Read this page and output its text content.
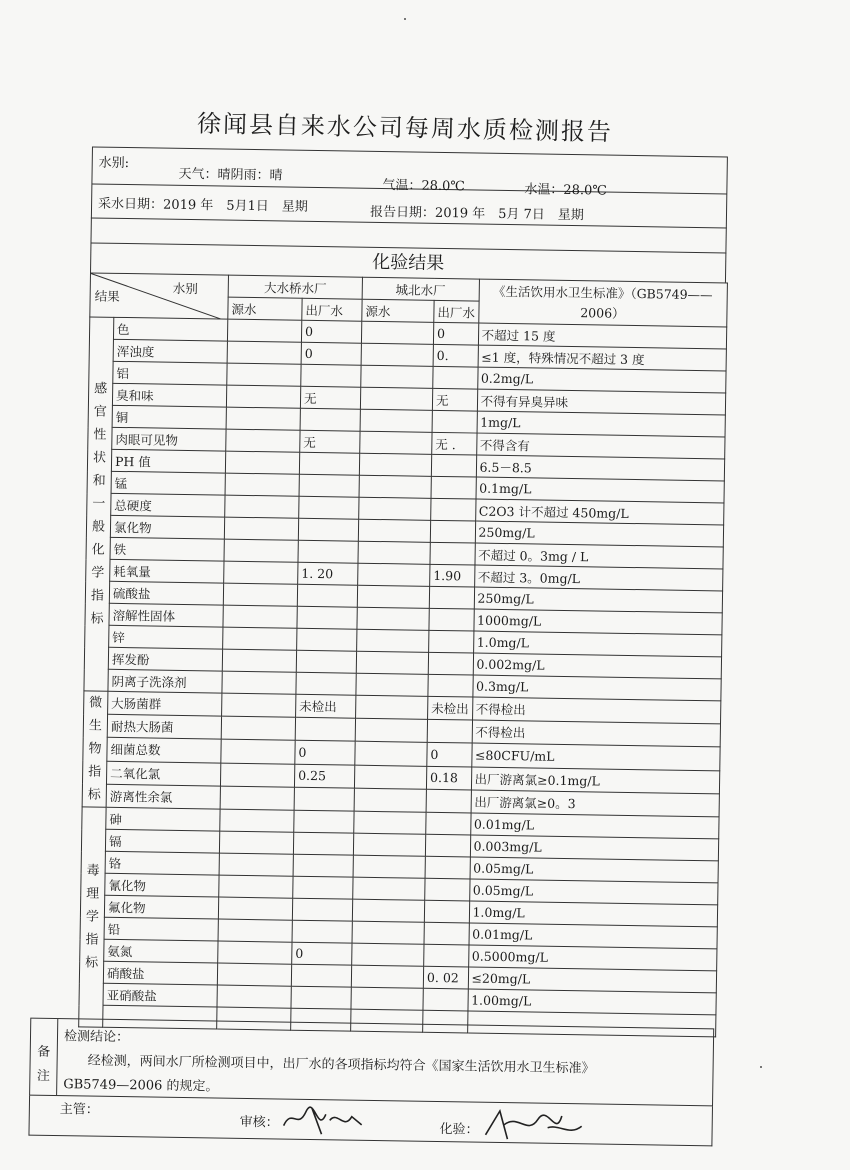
徐闻县自来水公司每周水质检测报告
水别:
天气：晴阴雨：晴
气温：28.0℃	水温：28.0℃
采水日期：2019 年　5月1日　星期	报告日期：2019 年　5月 7日　星期
化验结果
水别
结果		大水桥水厂		城北水厂		《生活饮用水卫生标准》（GB5749——2006）
		源水	出厂水	源水	出厂水	
感官性状和一般化学指标	色		0		0	不超过 15 度
	浑浊度		0		0.	≤1 度，特殊情况不超过 3 度
	铝					0.2mg/L
	臭和味		无		无	不得有异臭异味
	铜					1mg/L
	肉眼可见物		无		无 .	不得含有
	PH 值					6.5－8.5
	锰					0.1mg/L
	总硬度					C2O3 计不超过 450mg/L
	氯化物					250mg/L
	铁					不超过 0。3mg / L
	耗氧量		1. 20		1.90	不超过 3。0mg/L
	硫酸盐					250mg/L
	溶解性固体					1000mg/L
	锌					1.0mg/L
	挥发酚					0.002mg/L
	阴离子洗涤剂					0.3mg/L
微生物指标	大肠菌群		未检出		未检出	不得检出
	耐热大肠菌					不得检出
	细菌总数		0		0	≤80CFU/mL
	二氧化氯		0.25		0.18	出厂游离氯≥0.1mg/L
	游离性余氯					出厂游离氯≥0。3
毒理学指标	砷					0.01mg/L
	镉					0.003mg/L
	铬					0.05mg/L
	氰化物					0.05mg/L
	氟化物					1.0mg/L
	铅					0.01mg/L
	氨氮		0			0.5000mg/L
	硝酸盐				0. 02	≤20mg/L
	亚硝酸盐					1.00mg/L

备注
检测结论：
经检测，两间水厂所检测项目中，出厂水的各项指标均符合《国家生活饮用水卫生标准》
GB5749—2006 的规定。
主管：
审核：	化验：
